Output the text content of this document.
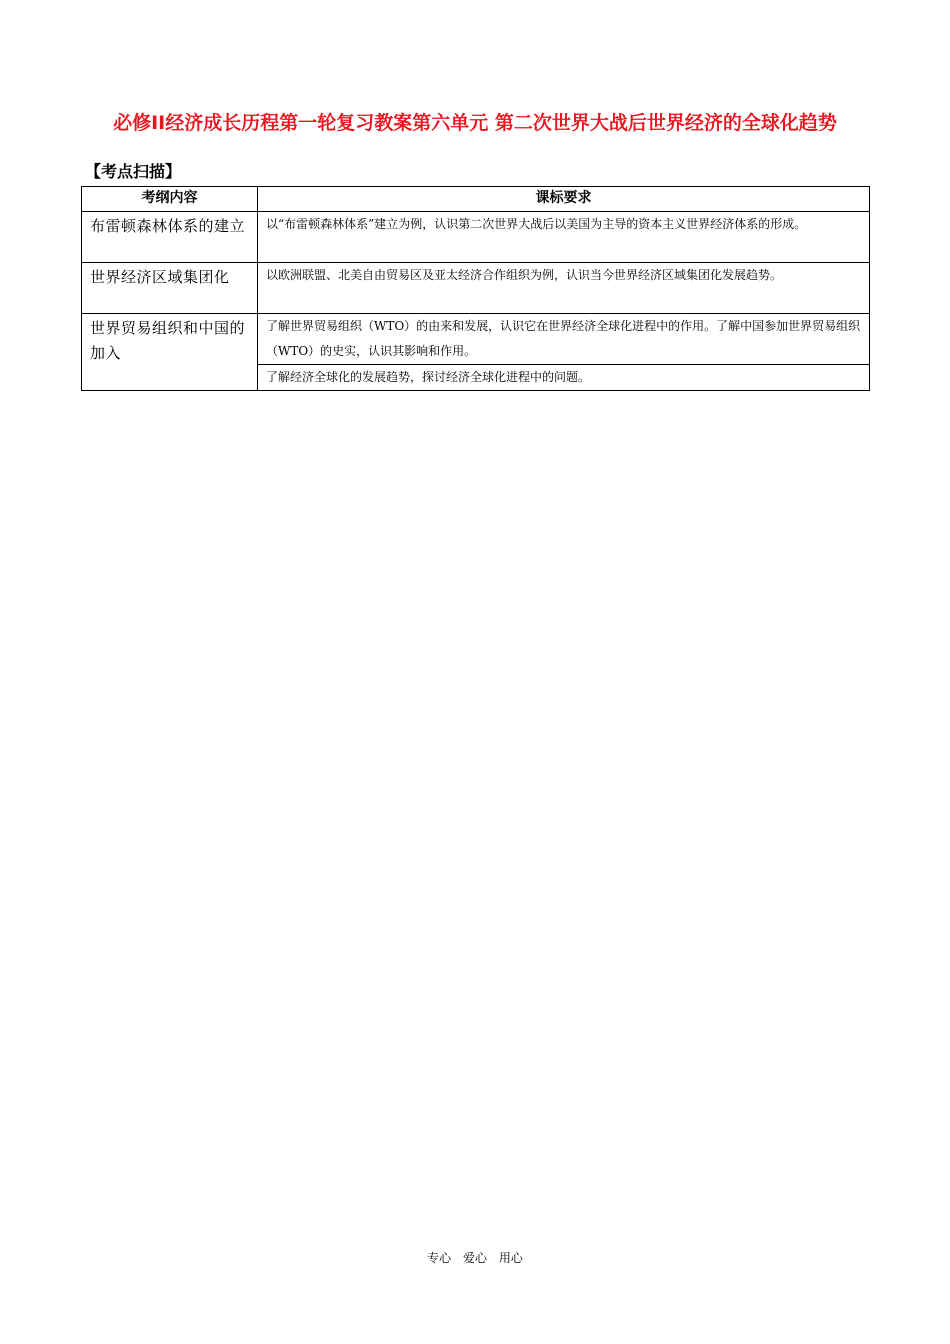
必修II经济成长历程第一轮复习教案第六单元 第二次世界大战后世界经济的全球化趋势
【考点扫描】
考纲内容	课标要求
布雷顿森林体系的建立	以“布雷顿森林体系”建立为例，认识第二次世界大战后以美国为主导的资本主义世界经济体系的形成。
世界经济区域集团化	以欧洲联盟、北美自由贸易区及亚太经济合作组织为例，认识当今世界经济区域集团化发展趋势。
世界贸易组织和中国的加入	了解世界贸易组织（WTO）的由来和发展，认识它在世界经济全球化进程中的作用。了解中国参加世界贸易组织（WTO）的史实，认识其影响和作用。
	了解经济全球化的发展趋势，探讨经济全球化进程中的问题。
专心 爱心 用心
